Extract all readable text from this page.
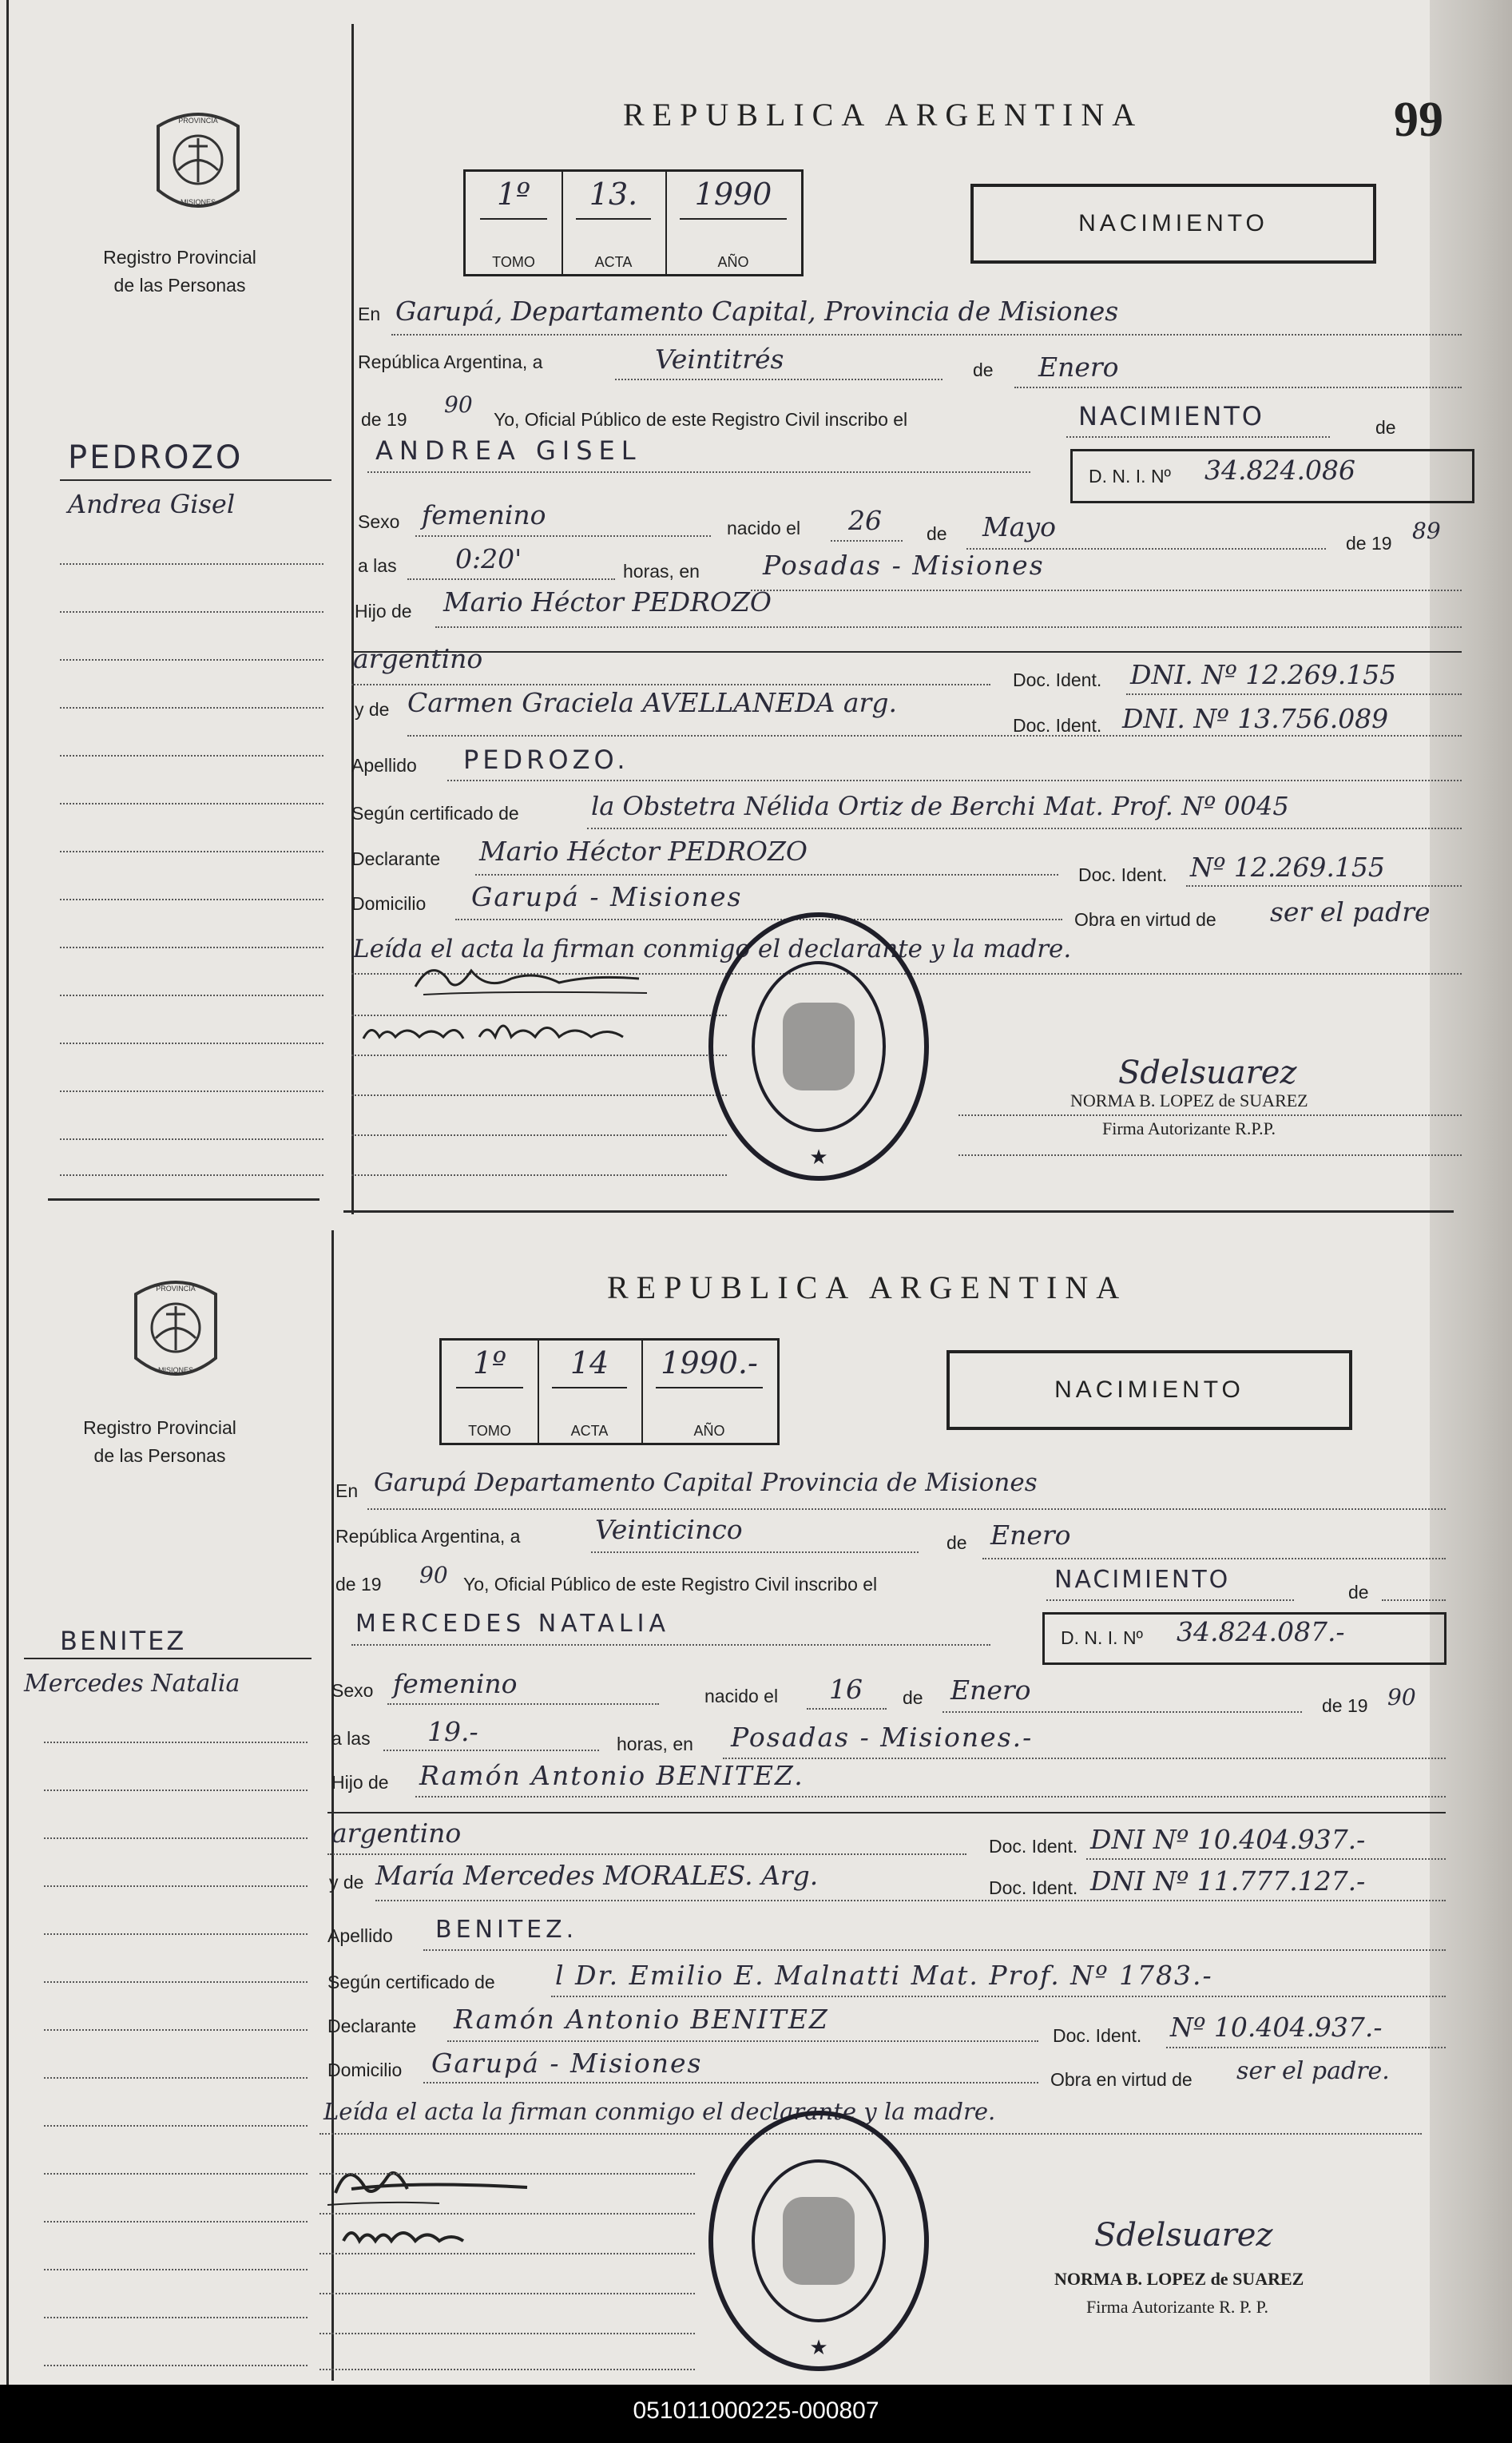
99
REPUBLICA ARGENTINA
PROVINCIA
MISIONES
Registro Provincial
de las Personas
1º
TOMO
13.
ACTA
1990
AÑO
NACIMIENTO
PEDROZO
Andrea Gisel
En Garupá, Departamento Capital, Provincia de Misiones
República Argentina, a	Veintitrés	de Enero
de 19
90
Yo, Oficial Público de este Registro Civil inscribo el	NACIMIENTO	de
ANDREA GISEL
D. N. I. Nº 34.824.086
Sexo femenino	nacido el 26 de Mayo
de 19 89
a las 0:20'	horas, en Posadas - Misiones
Hijo de Mario Héctor PEDROZO
argentino
Doc. Ident. DNI. Nº 12.269.155
y de Carmen Graciela AVELLANEDA arg.
Doc. Ident. DNI. Nº 13.756.089
Apellido PEDROZO.
Según certificado de	la Obstetra Nélida Ortiz de Berchi Mat. Prof. Nº 0045
Declarante Mario Héctor PEDROZO
Doc. Ident. Nº 12.269.155
Domicilio Garupá - Misiones
Obra en virtud de ser el padre
Leída el acta la firman conmigo el declarante y la madre.
★
Sdelsuarez
NORMA B. LOPEZ de SUAREZ
Firma Autorizante R.P.P.
REPUBLICA ARGENTINA
PROVINCIA
MISIONES
Registro Provincial
de las Personas
1º
TOMO
14
ACTA
1990.-
AÑO
NACIMIENTO
BENITEZ
Mercedes Natalia
En Garupá Departamento Capital Provincia de Misiones
República Argentina, a	Veinticinco	de Enero
de 19 90 Yo, Oficial Público de este Registro Civil inscribo el	NACIMIENTO	de
MERCEDES NATALIA	D. N. I. Nº 34.824.087.-
Sexo femenino	nacido el 16 de Enero	de 19 90
a las 19.-	horas, en Posadas - Misiones.-
Hijo de Ramón Antonio BENITEZ.
argentino	Doc. Ident. DNI Nº 10.404.937.-
y de María Mercedes MORALES. Arg.	Doc. Ident. DNI Nº 11.777.127.-
Apellido BENITEZ.
Según certificado de l Dr. Emilio E. Malnatti Mat. Prof. Nº 1783.-
Declarante Ramón Antonio BENITEZ
Doc. Ident. Nº 10.404.937.-
Domicilio Garupá - Misiones
Obra en virtud de ser el padre.
Leída el acta la firman conmigo el declarante y la madre.
★
Sdelsuarez
NORMA B. LOPEZ de SUAREZ
Firma Autorizante R. P. P.
051011000225-000807
